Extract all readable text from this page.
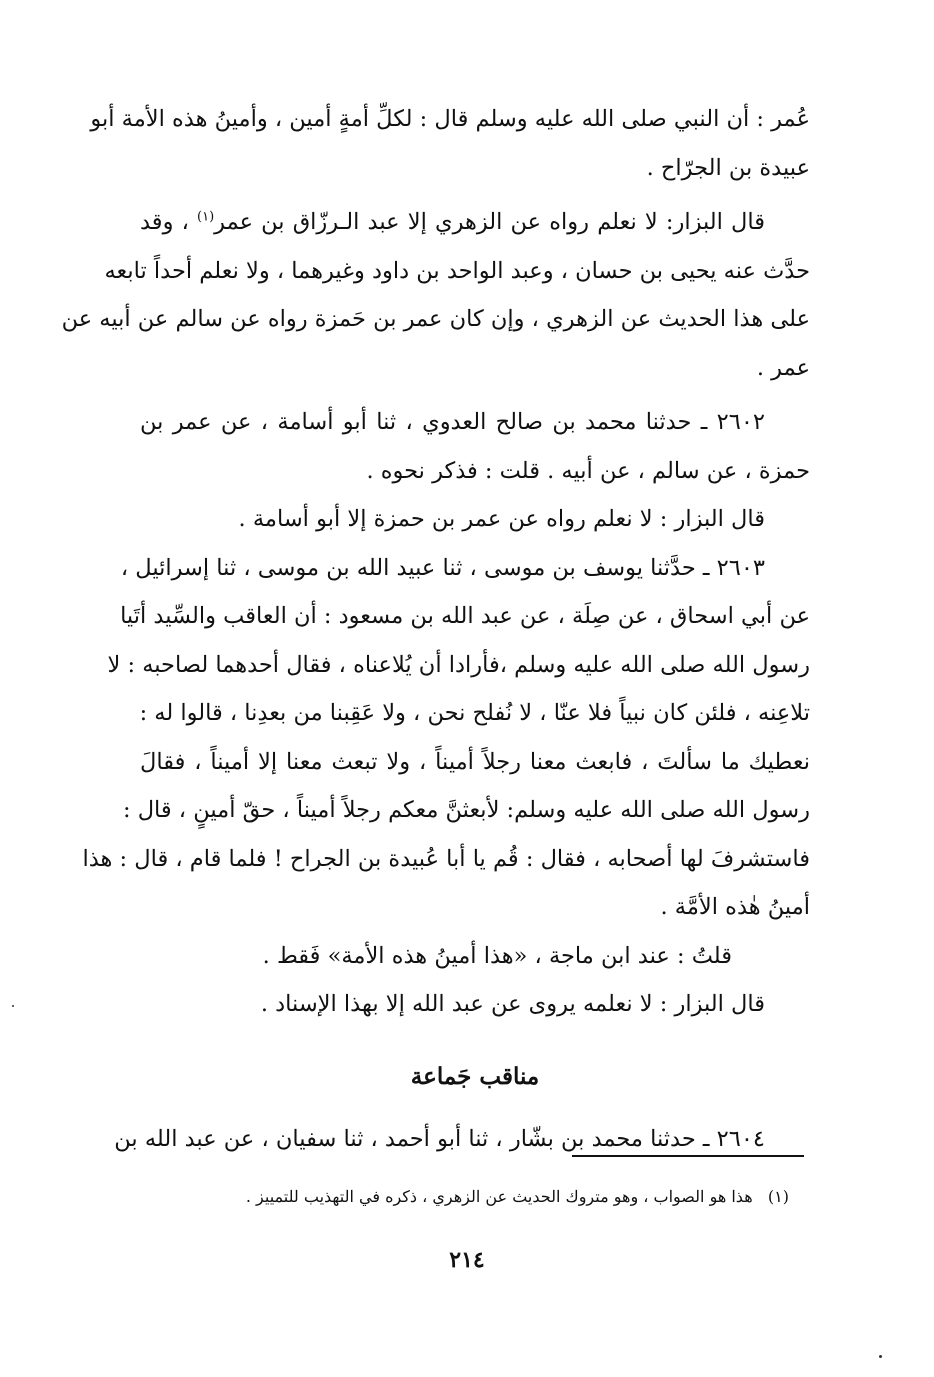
عُمر : أن النبي صلى الله عليه وسلم قال : لكلِّ أمةٍ أمين ، وأمينُ هذه الأمة أبو
عبيدة بن الجرّاح .
قال البزار: لا نعلم رواه عن الزهري إلا عبد الـرزّاق بن عمر$^{(١)}$ ، وقد
حدَّث عنه يحيى بن حسان ، وعبد الواحد بن داود وغيرهما ، ولا نعلم أحداً تابعه
على هذا الحديث عن الزهري ، وإن كان عمر بن حَمزة رواه عن سالم عن أبيه عن
عمر .
٢٦٠٢ ـ حدثنا محمد بن صالح العدوي ، ثنا أبو أسامة ، عن عمر بن
حمزة ، عن سالم ، عن أبيه . قلت : فذكر نحوه .
قال البزار : لا نعلم رواه عن عمر بن حمزة إلا أبو أسامة .
٢٦٠٣ ـ حدَّثنا يوسف بن موسى ، ثنا عبيد الله بن موسى ، ثنا إسرائيل ،
عن أبي اسحاق ، عن صِلَة ، عن عبد الله بن مسعود : أن العاقب والسِّيد أتَيا
رسول الله صلى الله عليه وسلم ،فأرادا أن يُلاعناه ، فقال أحدهما لصاحبه : لا
تلاعِنه ، فلئن كان نبياً فلا عنّا ، لا نُفلح نحن ، ولا عَقِبنا من بعدِنا ، قالوا له :
نعطيك ما سألتَ ، فابعث معنا رجلاً أميناً ، ولا تبعث معنا إلا أميناً ، فقالَ
رسول الله صلى الله عليه وسلم: لأبعثنَّ معكم رجلاً أميناً ، حقّ أمينٍ ، قال :
فاستشرفَ لها أصحابه ، فقال : قُم يا أبا عُبيدة بن الجراح ! فلما قام ، قال : هذا
أمينُ هٰذه الأمَّة .
قلتُ : عند ابن ماجة ، «هذا أمينُ هذه الأمة» فَقط .
قال البزار : لا نعلمه يروى عن عبد الله إلا بهذا الإسناد .
مناقب جَماعة
٢٦٠٤ ـ حدثنا محمد بن بشّار ، ثنا أبو أحمد ، ثنا سفيان ، عن عبد الله بن
(١)   هذا هو الصواب ، وهو متروك الحديث عن الزهري ، ذكره في التهذيب للتمييز .
٢١٤
